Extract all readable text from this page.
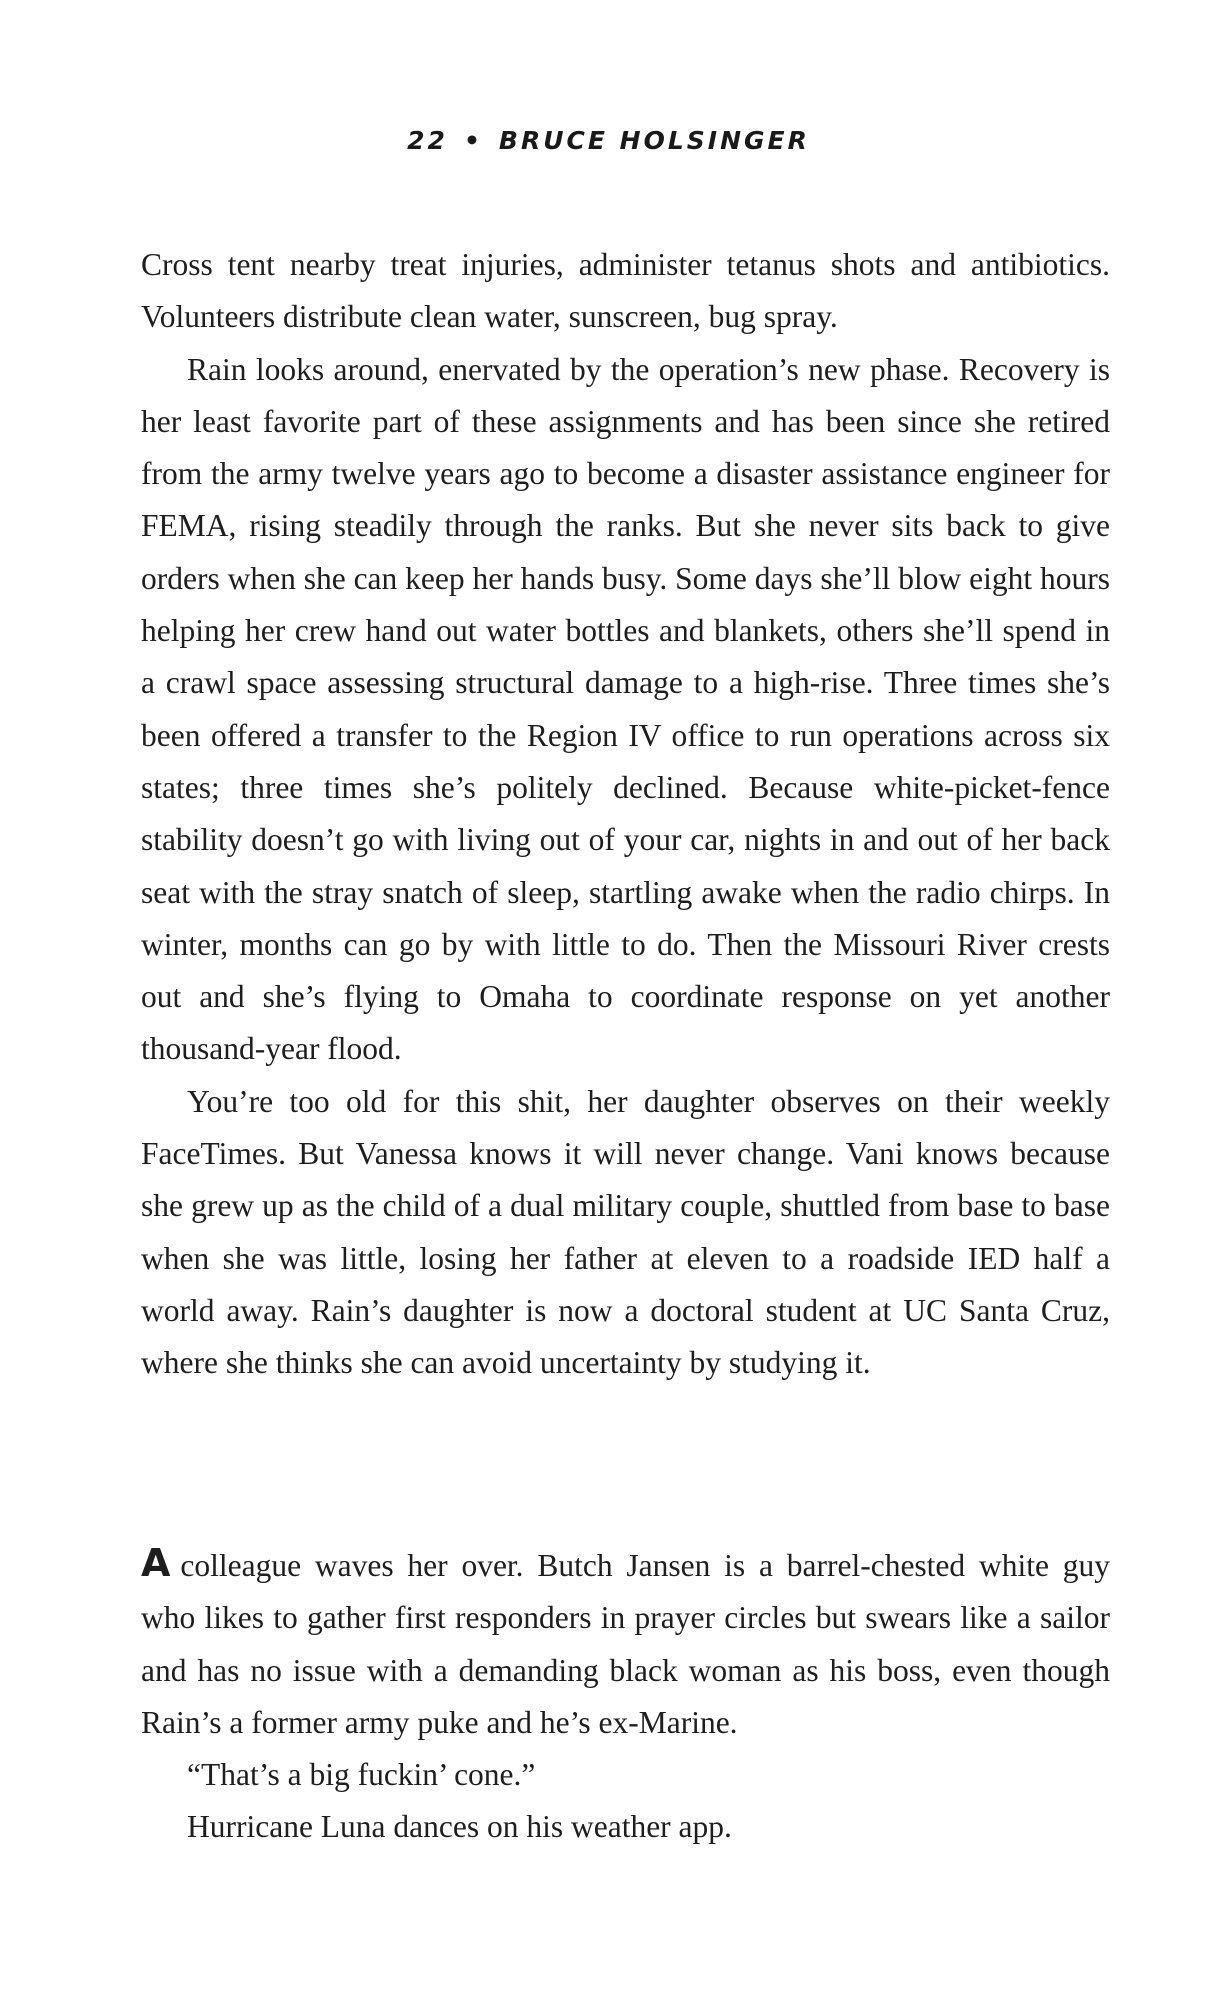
22 • BRUCE HOLSINGER

Cross tent nearby treat injuries, administer tetanus shots and antibiotics. Volunteers distribute clean water, sunscreen, bug spray.

Rain looks around, enervated by the operation’s new phase. Recovery is her least favorite part of these assignments and has been since she retired from the army twelve years ago to become a disaster assistance engineer for FEMA, rising steadily through the ranks. But she never sits back to give orders when she can keep her hands busy. Some days she’ll blow eight hours helping her crew hand out water bottles and blankets, others she’ll spend in a crawl space assessing structural damage to a high-rise. Three times she’s been offered a transfer to the Region IV office to run operations across six states; three times she’s politely declined. Because white-picket-fence stability doesn’t go with living out of your car, nights in and out of her back seat with the stray snatch of sleep, startling awake when the radio chirps. In winter, months can go by with little to do. Then the Missouri River crests out and she’s flying to Omaha to coordinate response on yet another thousand-year flood.

You’re too old for this shit, her daughter observes on their weekly FaceTimes. But Vanessa knows it will never change. Vani knows because she grew up as the child of a dual military couple, shuttled from base to base when she was little, losing her father at eleven to a roadside IED half a world away. Rain’s daughter is now a doctoral student at UC Santa Cruz, where she thinks she can avoid uncertainty by studying it.

A colleague waves her over. Butch Jansen is a barrel-chested white guy who likes to gather first responders in prayer circles but swears like a sailor and has no issue with a demanding black woman as his boss, even though Rain’s a former army puke and he’s ex-Marine.

“That’s a big fuckin’ cone.”

Hurricane Luna dances on his weather app.
